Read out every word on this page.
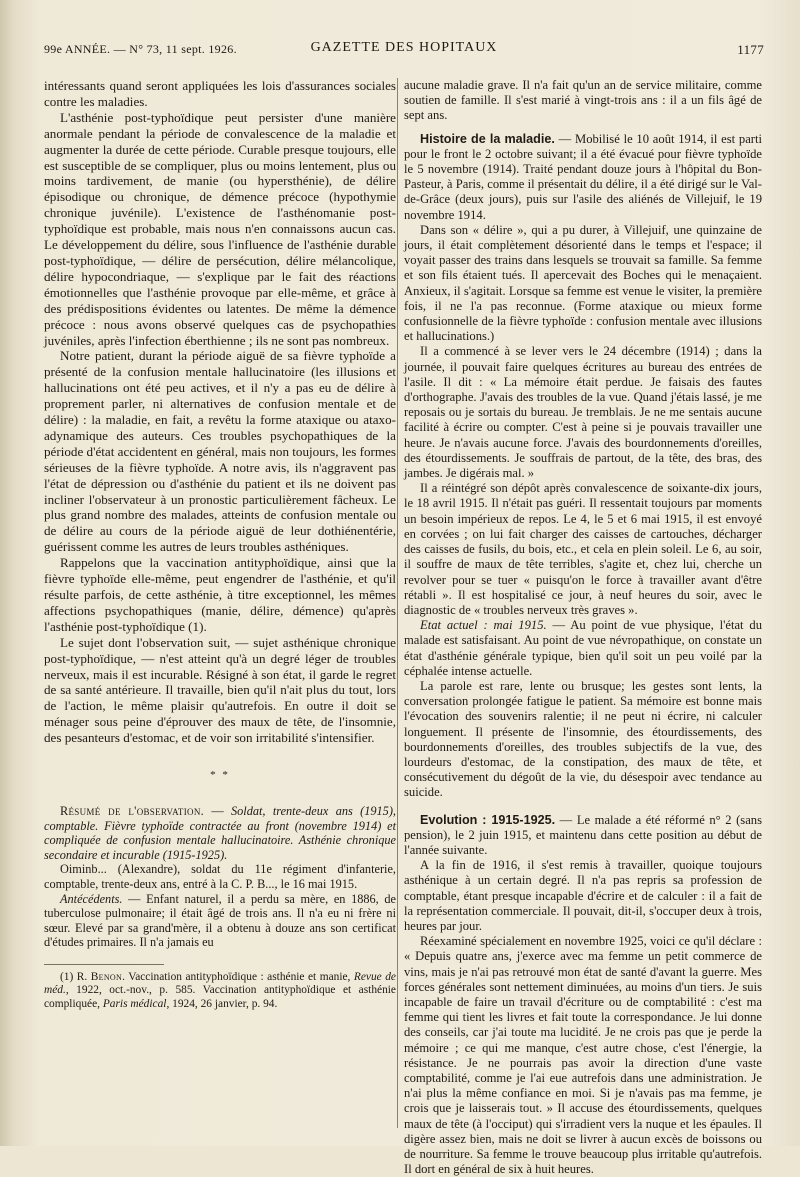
99e ANNÉE. — N° 73, 11 sept. 1926.	GAZETTE DES HOPITAUX	1177

intéressants quand seront appliquées les lois d'assurances sociales contre les maladies.

L'asthénie post-typhoïdique peut persister d'une manière anormale pendant la période de convalescence de la maladie et augmenter la durée de cette période. Curable presque toujours, elle est susceptible de se compliquer, plus ou moins lentement, plus ou moins tardivement, de manie (ou hypersthénie), de délire épisodique ou chronique, de démence précoce (hypothymie chronique juvénile). L'existence de l'asthénomanie post-typhoïdique est probable, mais nous n'en connaissons aucun cas. Le développement du délire, sous l'influence de l'asthénie durable post-typhoïdique, — délire de persécution, délire mélancolique, délire hypocondriaque, — s'explique par le fait des réactions émotionnelles que l'asthénie provoque par elle-même, et grâce à des prédispositions évidentes ou latentes. De même la démence précoce : nous avons observé quelques cas de psychopathies juvéniles, après l'infection éberthienne ; ils ne sont pas nombreux.

Notre patient, durant la période aiguë de sa fièvre typhoïde a présenté de la confusion mentale hallucinatoire (les illusions et hallucinations ont été peu actives, et il n'y a pas eu de délire à proprement parler, ni alternatives de confusion mentale et de délire) : la maladie, en fait, a revêtu la forme ataxique ou ataxo-adynamique des auteurs. Ces troubles psychopathiques de la période d'état accidentent en général, mais non toujours, les formes sérieuses de la fièvre typhoïde. A notre avis, ils n'aggravent pas l'état de dépression ou d'asthénie du patient et ils ne doivent pas incliner l'observateur à un pronostic particulièrement fâcheux. Le plus grand nombre des malades, atteints de confusion mentale ou de délire au cours de la période aiguë de leur dothiénentérie, guérissent comme les autres de leurs troubles asthéniques.

Rappelons que la vaccination antityphoïdique, ainsi que la fièvre typhoïde elle-même, peut engendrer de l'asthénie, et qu'il résulte parfois, de cette asthénie, à titre exceptionnel, les mêmes affections psychopathiques (manie, délire, démence) qu'après l'asthénie post-typhoïdique (1).

Le sujet dont l'observation suit, — sujet asthénique chronique post-typhoïdique, — n'est atteint qu'à un degré léger de troubles nerveux, mais il est incurable. Résigné à son état, il garde le regret de sa santé antérieure. Il travaille, bien qu'il n'ait plus du tout, lors de l'action, le même plaisir qu'autrefois. En outre il doit se ménager sous peine d'éprouver des maux de tête, de l'insomnie, des pesanteurs d'estomac, et de voir son irritabilité s'intensifier.

* *

Résumé de l'observation. — Soldat, trente-deux ans (1915), comptable. Fièvre typhoïde contractée au front (novembre 1914) et compliquée de confusion mentale hallucinatoire. Asthénie chronique secondaire et incurable (1915-1925).

Oiminb... (Alexandre), soldat du 11e régiment d'infanterie, comptable, trente-deux ans, entré à la C. P. B..., le 16 mai 1915.

Antécédents. — Enfant naturel, il a perdu sa mère, en 1886, de tuberculose pulmonaire; il était âgé de trois ans. Il n'a eu ni frère ni sœur. Elevé par sa grand'mère, il a obtenu à douze ans son certificat d'études primaires. Il n'a jamais eu

(1) R. Benon. Vaccination antityphoïdique : asthénie et manie, Revue de méd., 1922, oct.-nov., p. 585. Vaccination antityphoïdique et asthénie compliquée, Paris médical, 1924, 26 janvier, p. 94.

aucune maladie grave. Il n'a fait qu'un an de service militaire, comme soutien de famille. Il s'est marié à vingt-trois ans : il a un fils âgé de sept ans.

Histoire de la maladie. — Mobilisé le 10 août 1914, il est parti pour le front le 2 octobre suivant; il a été évacué pour fièvre typhoïde le 5 novembre (1914). Traité pendant douze jours à l'hôpital du Bon-Pasteur, à Paris, comme il présentait du délire, il a été dirigé sur le Val-de-Grâce (deux jours), puis sur l'asile des aliénés de Villejuif, le 19 novembre 1914.

Dans son « délire », qui a pu durer, à Villejuif, une quinzaine de jours, il était complètement désorienté dans le temps et l'espace; il voyait passer des trains dans lesquels se trouvait sa famille. Sa femme et son fils étaient tués. Il apercevait des Boches qui le menaçaient. Anxieux, il s'agitait. Lorsque sa femme est venue le visiter, la première fois, il ne l'a pas reconnue. (Forme ataxique ou mieux forme confusionnelle de la fièvre typhoïde : confusion mentale avec illusions et hallucinations.)

Il a commencé à se lever vers le 24 décembre (1914) ; dans la journée, il pouvait faire quelques écritures au bureau des entrées de l'asile. Il dit : « La mémoire était perdue. Je faisais des fautes d'orthographe. J'avais des troubles de la vue. Quand j'étais lassé, je me reposais ou je sortais du bureau. Je tremblais. Je ne me sentais aucune facilité à écrire ou compter. C'est à peine si je pouvais travailler une heure. Je n'avais aucune force. J'avais des bourdonnements d'oreilles, des étourdissements. Je souffrais de partout, de la tête, des bras, des jambes. Je digérais mal. »

Il a réintégré son dépôt après convalescence de soixante-dix jours, le 18 avril 1915. Il n'était pas guéri. Il ressentait toujours par moments un besoin impérieux de repos. Le 4, le 5 et 6 mai 1915, il est envoyé en corvées ; on lui fait charger des caisses de cartouches, décharger des caisses de fusils, du bois, etc., et cela en plein soleil. Le 6, au soir, il souffre de maux de tête terribles, s'agite et, chez lui, cherche un revolver pour se tuer « puisqu'on le force à travailler avant d'être rétabli ». Il est hospitalisé ce jour, à neuf heures du soir, avec le diagnostic de « troubles nerveux très graves ».

Etat actuel : mai 1915. — Au point de vue physique, l'état du malade est satisfaisant. Au point de vue névropathique, on constate un état d'asthénie générale typique, bien qu'il soit un peu voilé par la céphalée intense actuelle.

La parole est rare, lente ou brusque; les gestes sont lents, la conversation prolongée fatigue le patient. Sa mémoire est bonne mais l'évocation des souvenirs ralentie; il ne peut ni écrire, ni calculer longuement. Il présente de l'insomnie, des étourdissements, des bourdonnements d'oreilles, des troubles subjectifs de la vue, des lourdeurs d'estomac, de la constipation, des maux de tête, et consécutivement du dégoût de la vie, du désespoir avec tendance au suicide.

Evolution : 1915-1925. — Le malade a été réformé n° 2 (sans pension), le 2 juin 1915, et maintenu dans cette position au début de l'année suivante.

A la fin de 1916, il s'est remis à travailler, quoique toujours asthénique à un certain degré. Il n'a pas repris sa profession de comptable, étant presque incapable d'écrire et de calculer : il a fait de la représentation commerciale. Il pouvait, dit-il, s'occuper deux à trois, heures par jour.

Réexaminé spécialement en novembre 1925, voici ce qu'il déclare : « Depuis quatre ans, j'exerce avec ma femme un petit commerce de vins, mais je n'ai pas retrouvé mon état de santé d'avant la guerre. Mes forces générales sont nettement diminuées, au moins d'un tiers. Je suis incapable de faire un travail d'écriture ou de comptabilité : c'est ma femme qui tient les livres et fait toute la correspondance. Je lui donne des conseils, car j'ai toute ma lucidité. Je ne crois pas que je perde la mémoire ; ce qui me manque, c'est autre chose, c'est l'énergie, la résistance. Je ne pourrais pas avoir la direction d'une vaste comptabilité, comme je l'ai eue autrefois dans une administration. Je n'ai plus la même confiance en moi. Si je n'avais pas ma femme, je crois que je laisserais tout. » Il accuse des étourdissements, quelques maux de tête (à l'occiput) qui s'irradient vers la nuque et les épaules. Il digère assez bien, mais ne doit se livrer à aucun excès de boissons ou de nourriture. Sa femme le trouve beaucoup plus irritable qu'autrefois. Il dort en général de six à huit heures.
